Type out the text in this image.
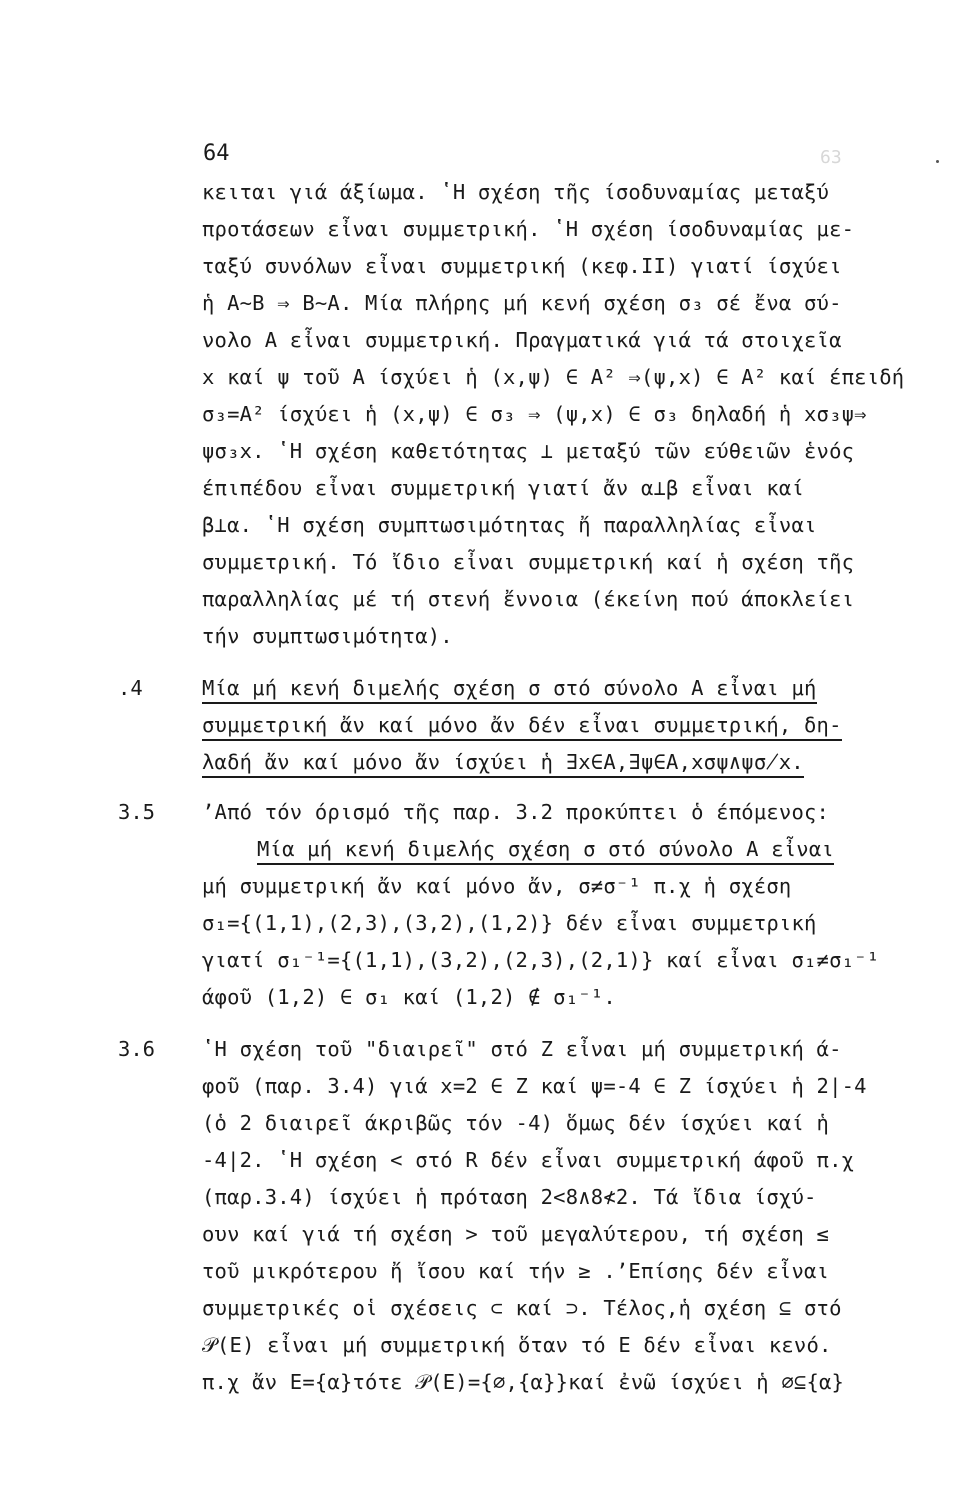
63
64
κειται γιά άξίωμα. ʽΗ σχέση τῆς ίσοδυναμίας μεταξύ
προτάσεων εἶναι συμμετρική. ʽΗ σχέση ίσοδυναμίας με-
ταξύ συνόλων εἶναι συμμετρική (κεφ.II) γιατί ίσχύει
ἡ A∼B ⇒ B∼A. Μία πλήρης μή κενή σχέση σ₃ σέ ἔνα σύ-
νολο A εἶναι συμμετρική. Πραγματικά γιά τά στοιχεῖα
x καί ψ τοῦ A ίσχύει ἡ (x,ψ) ∈ A² ⇒(ψ,x) ∈ A² καί έπειδή
σ₃=A² ίσχύει ἡ (x,ψ) ∈ σ₃ ⇒ (ψ,x) ∈ σ₃ δηλαδή ἡ xσ₃ψ⇒
ψσ₃x. ʽΗ σχέση καθετότητας ⊥ μεταξύ τῶν εύθειῶν ἑνός
έπιπέδου εἶναι συμμετρική γιατί ἄν α⊥β εἶναι καί
β⊥α. ʽΗ σχέση συμπτωσιμότητας ἤ παραλληλίας εἶναι
συμμετρική. Τό ἴδιο εἶναι συμμετρική καί ἡ σχέση τῆς
παραλληλίας μέ τή στενή ἔννοια (έκείνη πού άποκλείει
τήν συμπτωσιμότητα).
.4	Μία μή κενή διμελής σχέση σ στό σύνολο A εἶναι μή
συμμετρική ἄν καί μόνο ἄν δέν εἶναι συμμετρική, δη-
λαδή ἄν καί μόνο ἄν ίσχύει ἡ ∃x∈A,∃ψ∈A,xσψ∧ψσ̸x.
3.5 ʼΑπό τόν όρισμό τῆς παρ. 3.2 προκύπτει ὁ έπόμενος:
Μία μή κενή διμελής σχέση σ στό σύνολο A εἶναι
μή συμμετρική ἄν καί μόνο ἄν, σ≠σ⁻¹ π.χ ἡ σχέση
σ₁={(1,1),(2,3),(3,2),(1,2)} δέν εἶναι συμμετρική
γιατί σ₁⁻¹={(1,1),(3,2),(2,3),(2,1)} καί εἶναι σ₁≠σ₁⁻¹
άφοῦ (1,2) ∈ σ₁ καί (1,2) ∉ σ₁⁻¹.
3.6 ʽΗ σχέση τοῦ "διαιρεῖ" στό Z εἶναι μή συμμετρική ά-
φοῦ (παρ. 3.4) γιά x=2 ∈ Z καί ψ=-4 ∈ Z ίσχύει ἡ 2|-4
(ὁ 2 διαιρεῖ άκριβῶς τόν -4) ὅμως δέν ίσχύει καί ἡ
-4|2. ʽΗ σχέση < στό R δέν εἶναι συμμετρική άφοῦ π.χ
(παρ.3.4) ίσχύει ἡ πρόταση 2<8∧8≮2. Τά ἴδια ίσχύ-
ουν καί γιά τή σχέση > τοῦ μεγαλύτερου, τή σχέση ≤
τοῦ μικρότερου ἤ ἴσου καί τήν ≥ .ʼΕπίσης δέν εἶναι
συμμετρικές οἱ σχέσεις ⊂ καί ⊃. Τέλος,ἡ σχέση ⊆ στό
𝒫(E) εἶναι μή συμμετρική ὅταν τό E δέν εἶναι κενό.
π.χ ἄν E={α}τότε 𝒫(E)={∅,{α}}καί ἐνῶ ίσχύει ἡ ∅⊆{α}
